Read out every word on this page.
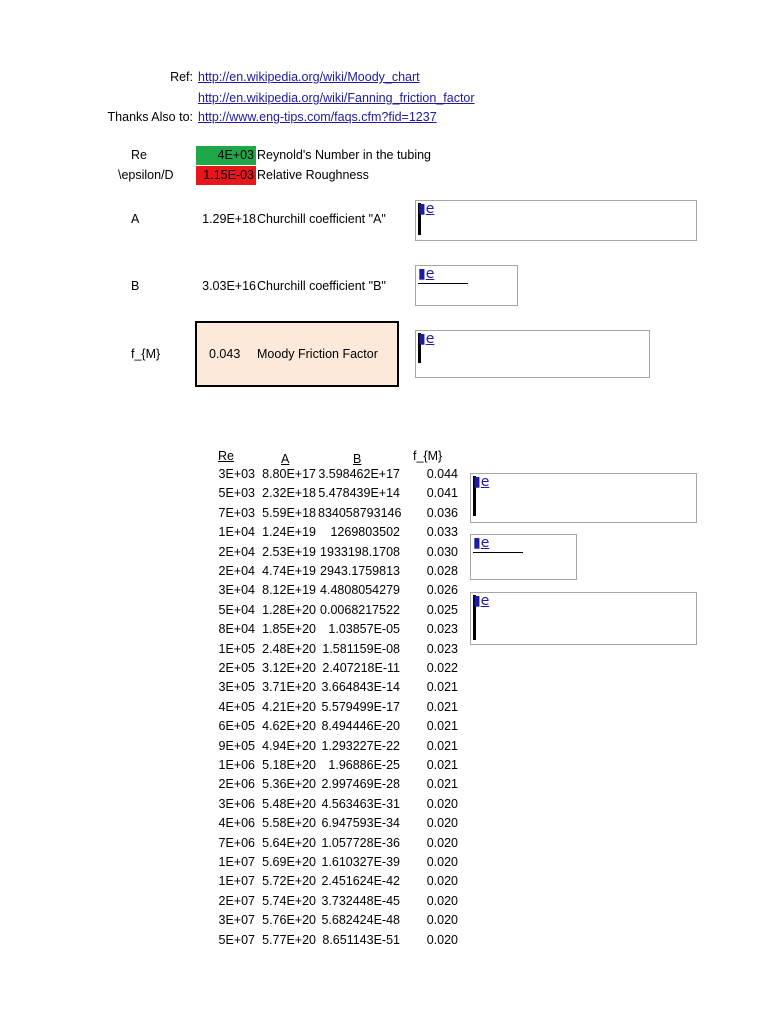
Ref: http://en.wikipedia.org/wiki/Moody_chart
http://en.wikipedia.org/wiki/Fanning_friction_factor
Thanks Also to: http://www.eng-tips.com/faqs.cfm?fid=1237
Re	4E+03 Reynold's Number in the tubing
\epsilon/D	1.15E-03 Relative Roughness
A	1.29E+18 Churchill coefficient "A"
▮e
B	3.03E+16 Churchill coefficient "B"
▮e
f_{M}	0.043 Moody Friction Factor
▮e
Re	A	B	f_{M}
3E+03 8.80E+17 3.598462E+17	0.044
5E+03 2.32E+18 5.478439E+14	0.041
7E+03 5.59E+18 834058793146	0.036
1E+04 1.24E+19	1269803502	0.033
2E+04 2.53E+19 1933198.1708	0.030
2E+04 4.74E+19 2943.1759813	0.028
3E+04 8.12E+19 4.4808054279	0.026
5E+04 1.28E+20 0.0068217522	0.025
8E+04 1.85E+20 1.03857E-05	0.023
1E+05 2.48E+20 1.581159E-08	0.023
2E+05 3.12E+20 2.407218E-11	0.022
3E+05 3.71E+20 3.664843E-14	0.021
4E+05 4.21E+20 5.579499E-17	0.021
6E+05 4.62E+20 8.494446E-20	0.021
9E+05 4.94E+20 1.293227E-22	0.021
1E+06 5.18E+20 1.96886E-25	0.021
2E+06 5.36E+20 2.997469E-28	0.021
3E+06 5.48E+20 4.563463E-31	0.020
4E+06 5.58E+20 6.947593E-34	0.020
7E+06 5.64E+20 1.057728E-36	0.020
1E+07 5.69E+20 1.610327E-39	0.020
1E+07 5.72E+20 2.451624E-42	0.020
2E+07 5.74E+20 3.732448E-45	0.020
3E+07 5.76E+20 5.682424E-48	0.020
5E+07 5.77E+20 8.651143E-51	0.020
▮e
▮e
▮e
